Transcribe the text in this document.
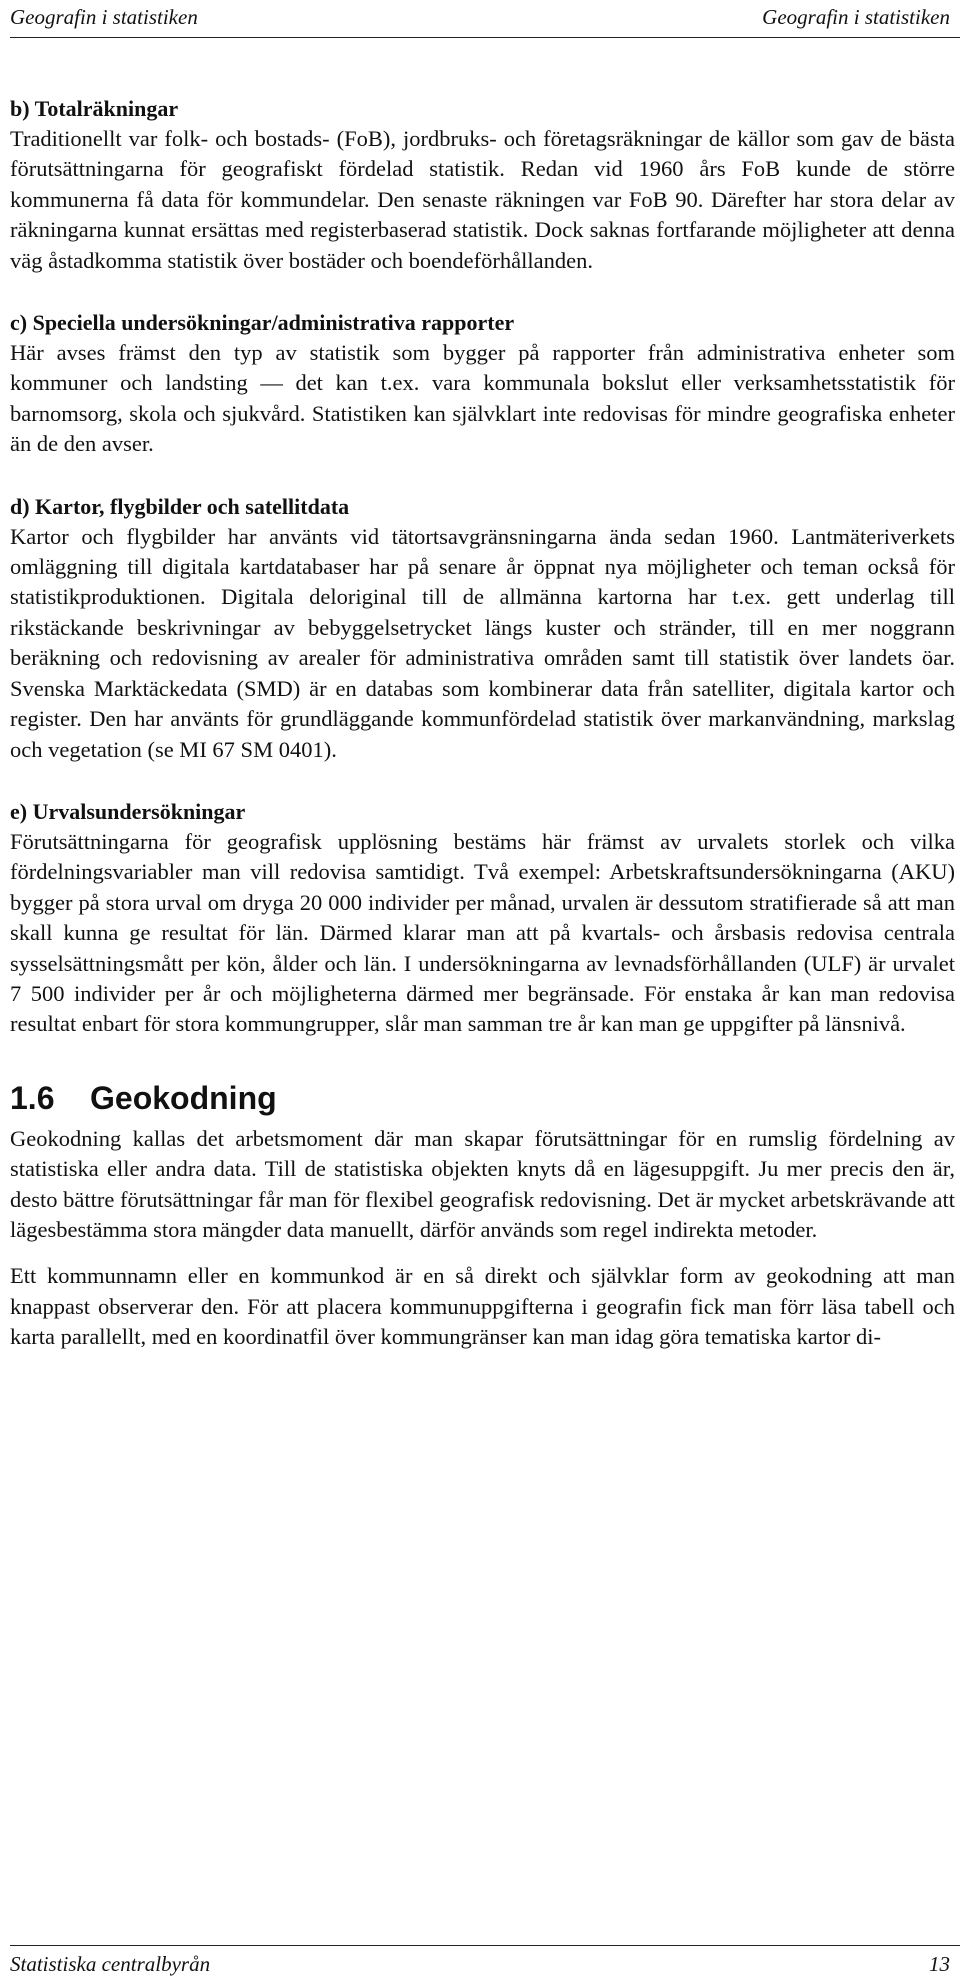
Geografin i statistiken	Geografin i statistiken

b) Totalräkningar

Traditionellt var folk- och bostads- (FoB), jordbruks- och företagsräkningar de källor som gav de bästa förutsättningarna för geografiskt fördelad statistik. Redan vid 1960 års FoB kunde de större kommunerna få data för kommundelar. Den senaste räkningen var FoB 90. Därefter har stora delar av räkningarna kunnat ersättas med registerbaserad statistik. Dock saknas fortfarande möjligheter att denna väg åstadkomma statistik över bostäder och boendeförhållanden.

c) Speciella undersökningar/administrativa rapporter

Här avses främst den typ av statistik som bygger på rapporter från administrativa enheter som kommuner och landsting — det kan t.ex. vara kommunala bokslut eller verksamhetsstatistik för barnomsorg, skola och sjukvård. Statistiken kan självklart inte redovisas för mindre geografiska enheter än de den avser.

d) Kartor, flygbilder och satellitdata

Kartor och flygbilder har använts vid tätortsavgränsningarna ända sedan 1960. Lantmäteriverkets omläggning till digitala kartdatabaser har på senare år öppnat nya möjligheter och teman också för statistikproduktionen. Digitala deloriginal till de allmänna kartorna har t.ex. gett underlag till rikstäckande beskrivningar av bebyggelsetrycket längs kuster och stränder, till en mer noggrann beräkning och redovisning av arealer för administrativa områden samt till statistik över landets öar. Svenska Marktäckedata (SMD) är en databas som kombinerar data från satelliter, digitala kartor och register. Den har använts för grundläggande kommunfördelad statistik över markanvändning, markslag och vegetation (se MI 67 SM 0401).

e) Urvalsundersökningar

Förutsättningarna för geografisk upplösning bestäms här främst av urvalets storlek och vilka fördelningsvariabler man vill redovisa samtidigt. Två exempel: Arbetskraftsundersökningarna (AKU) bygger på stora urval om dryga 20 000 individer per månad, urvalen är dessutom stratifierade så att man skall kunna ge resultat för län. Därmed klarar man att på kvartals- och årsbasis redovisa centrala sysselsättningsmått per kön, ålder och län. I undersökningarna av levnadsförhållanden (ULF) är urvalet 7 500 individer per år och möjligheterna därmed mer begränsade. För enstaka år kan man redovisa resultat enbart för stora kommungrupper, slår man samman tre år kan man ge uppgifter på länsnivå.

1.6 Geokodning

Geokodning kallas det arbetsmoment där man skapar förutsättningar för en rumslig fördelning av statistiska eller andra data. Till de statistiska objekten knyts då en lägesuppgift. Ju mer precis den är, desto bättre förutsättningar får man för flexibel geografisk redovisning. Det är mycket arbetskrävande att lägesbestämma stora mängder data manuellt, därför används som regel indirekta metoder.

Ett kommunnamn eller en kommunkod är en så direkt och självklar form av geokodning att man knappast observerar den. För att placera kommunuppgifterna i geografin fick man förr läsa tabell och karta parallellt, med en koordinatfil över kommungränser kan man idag göra tematiska kartor di-

Statistiska centralbyrån	13
